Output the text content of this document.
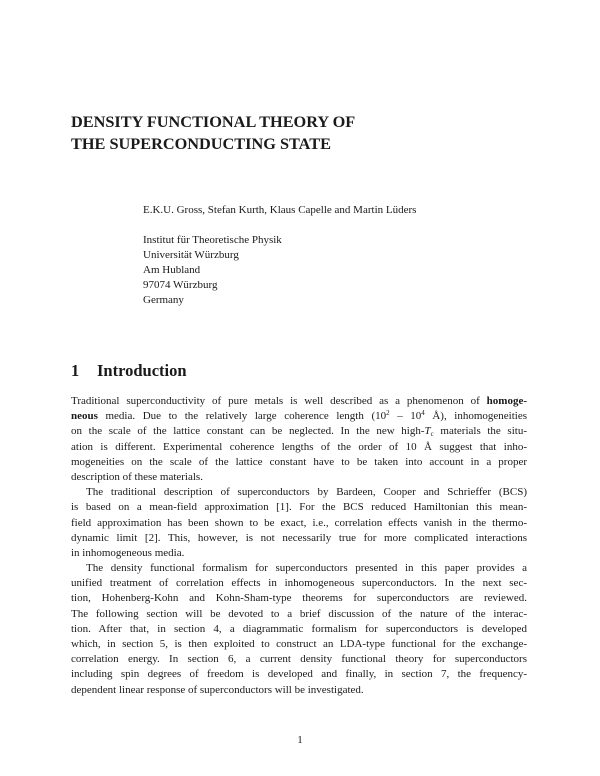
DENSITY FUNCTIONAL THEORY OF
THE SUPERCONDUCTING STATE

E.K.U. Gross, Stefan Kurth, Klaus Capelle and Martin Lüders

Institut für Theoretische Physik
Universität Würzburg
Am Hubland
97074 Würzburg
Germany
1 Introduction
Traditional superconductivity of pure metals is well described as a phenomenon of homoge-
neous media. Due to the relatively large coherence length ($10^2 - 10^4$ Å), inhomogeneities
on the scale of the lattice constant can be neglected. In the new high-$T_c$ materials the situ-
ation is different. Experimental coherence lengths of the order of 10 Å suggest that inho-
mogeneities on the scale of the lattice constant have to be taken into account in a proper
description of these materials.
The traditional description of superconductors by Bardeen, Cooper and Schrieffer (BCS)
is based on a mean-field approximation [1]. For the BCS reduced Hamiltonian this mean-
field approximation has been shown to be exact, i.e., correlation effects vanish in the thermo-
dynamic limit [2]. This, however, is not necessarily true for more complicated interactions
in inhomogeneous media.
The density functional formalism for superconductors presented in this paper provides a
unified treatment of correlation effects in inhomogeneous superconductors. In the next sec-
tion, Hohenberg-Kohn and Kohn-Sham-type theorems for superconductors are reviewed.
The following section will be devoted to a brief discussion of the nature of the interac-
tion. After that, in section 4, a diagrammatic formalism for superconductors is developed
which, in section 5, is then exploited to construct an LDA-type functional for the exchange-
correlation energy. In section 6, a current density functional theory for superconductors
including spin degrees of freedom is developed and finally, in section 7, the frequency-
dependent linear response of superconductors will be investigated.
1
